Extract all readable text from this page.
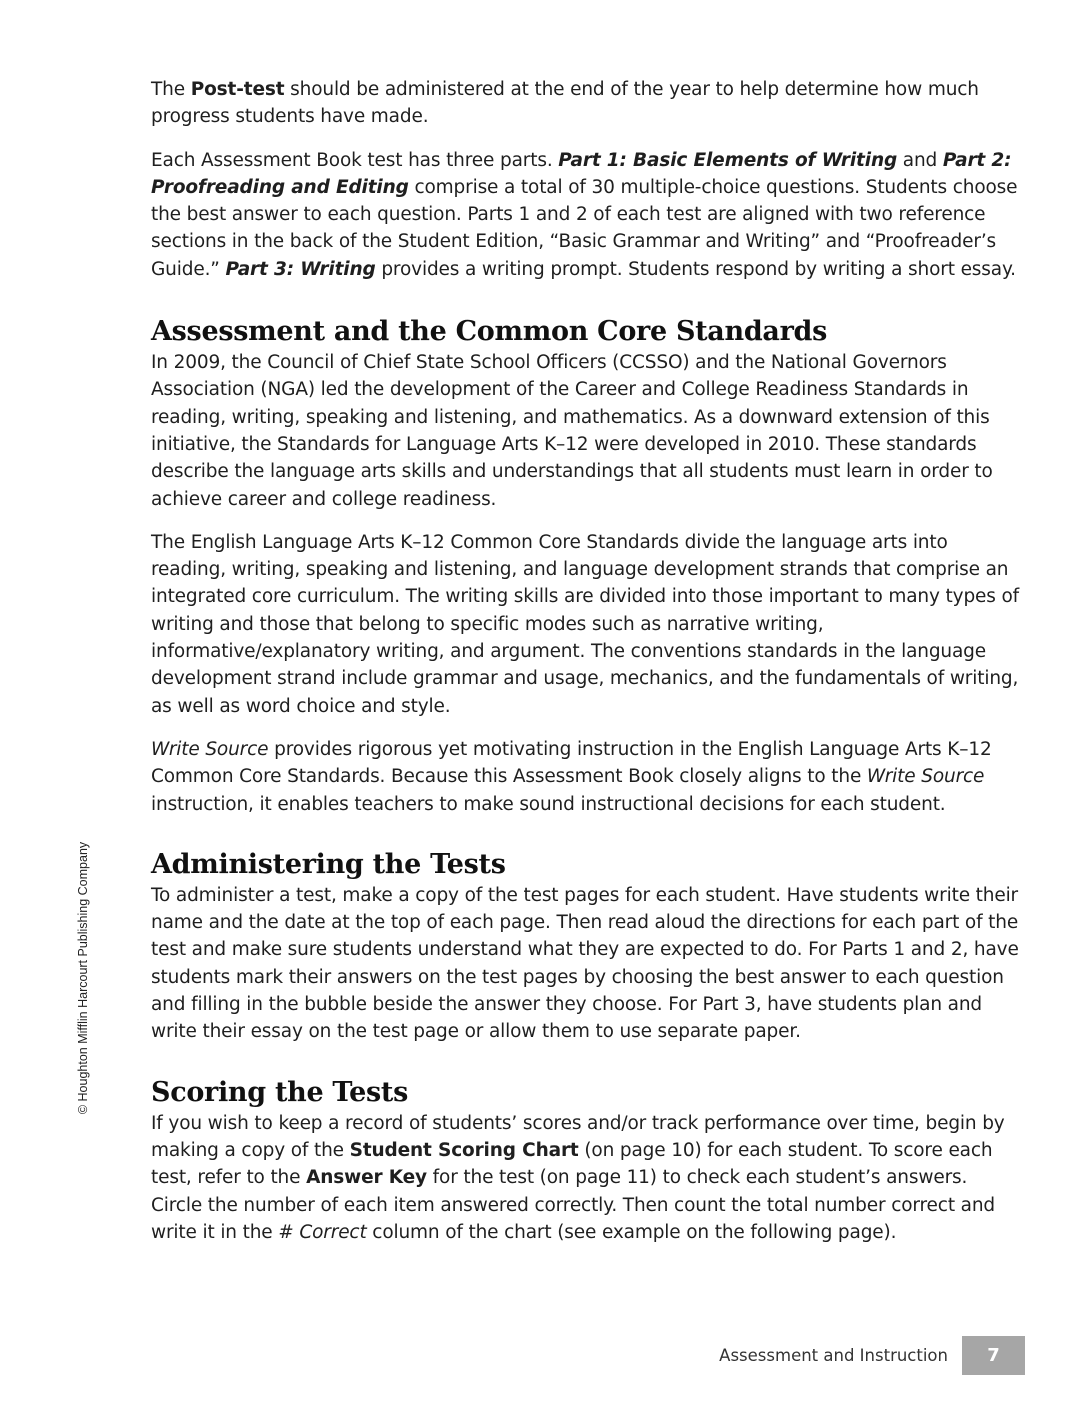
The Post-test should be administered at the end of the year to help determine how much progress students have made.

Each Assessment Book test has three parts. Part 1: Basic Elements of Writing and Part 2: Proofreading and Editing comprise a total of 30 multiple-choice questions. Students choose the best answer to each question. Parts 1 and 2 of each test are aligned with two reference sections in the back of the Student Edition, “Basic Grammar and Writing” and “Proofreader’s Guide.” Part 3: Writing provides a writing prompt. Students respond by writing a short essay.

Assessment and the Common Core Standards

In 2009, the Council of Chief State School Officers (CCSSO) and the National Governors Association (NGA) led the development of the Career and College Readiness Standards in reading, writing, speaking and listening, and mathematics. As a downward extension of this initiative, the Standards for Language Arts K–12 were developed in 2010. These standards describe the language arts skills and understandings that all students must learn in order to achieve career and college readiness.

The English Language Arts K–12 Common Core Standards divide the language arts into reading, writing, speaking and listening, and language development strands that comprise an integrated core curriculum. The writing skills are divided into those important to many types of writing and those that belong to specific modes such as narrative writing, informative/explanatory writing, and argument. The conventions standards in the language development strand include grammar and usage, mechanics, and the fundamentals of writing, as well as word choice and style.

Write Source provides rigorous yet motivating instruction in the English Language Arts K–12 Common Core Standards. Because this Assessment Book closely aligns to the Write Source instruction, it enables teachers to make sound instructional decisions for each student.

Administering the Tests

To administer a test, make a copy of the test pages for each student. Have students write their name and the date at the top of each page. Then read aloud the directions for each part of the test and make sure students understand what they are expected to do. For Parts 1 and 2, have students mark their answers on the test pages by choosing the best answer to each question and filling in the bubble beside the answer they choose. For Part 3, have students plan and write their essay on the test page or allow them to use separate paper.

Scoring the Tests

If you wish to keep a record of students’ scores and/or track performance over time, begin by making a copy of the Student Scoring Chart (on page 10) for each student. To score each test, refer to the Answer Key for the test (on page 11) to check each student’s answers. Circle the number of each item answered correctly. Then count the total number correct and write it in the # Correct column of the chart (see example on the following page).

© Houghton Mifflin Harcourt Publishing Company
Assessment and Instruction 7
